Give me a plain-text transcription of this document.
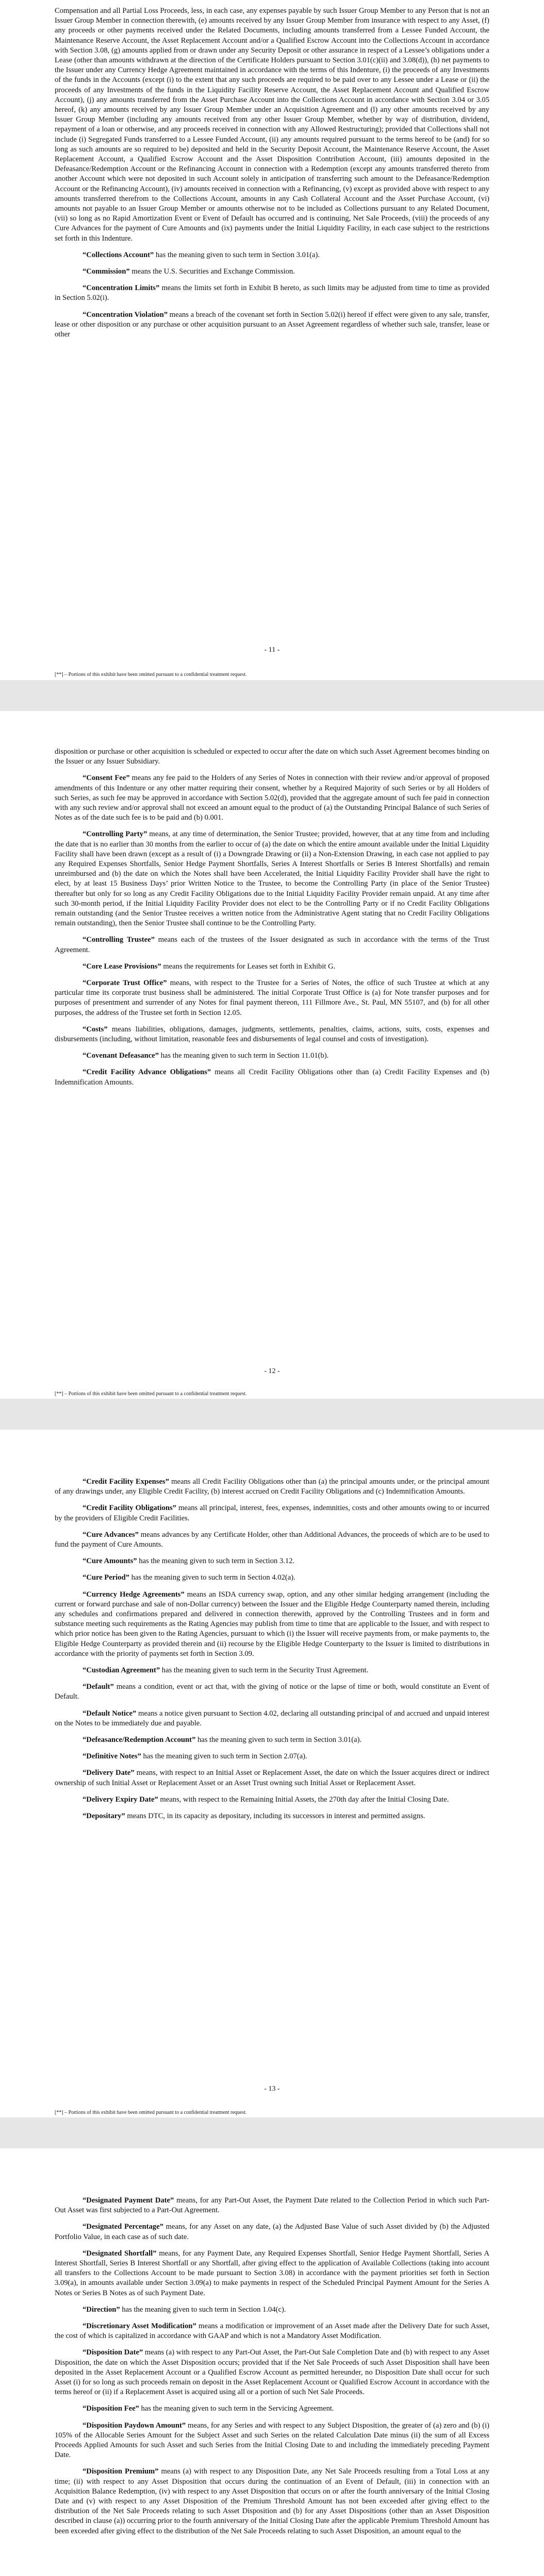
Compensation and all Partial Loss Proceeds, less, in each case, any expenses payable by such Issuer Group Member to any Person that is not an Issuer Group Member in connection therewith, (e) amounts received by any Issuer Group Member from insurance with respect to any Asset, (f) any proceeds or other payments received under the Related Documents, including amounts transferred from a Lessee Funded Account, the Maintenance Reserve Account, the Asset Replacement Account and/or a Qualified Escrow Account into the Collections Account in accordance with Section 3.08, (g) amounts applied from or drawn under any Security Deposit or other assurance in respect of a Lessee’s obligations under a Lease (other than amounts withdrawn at the direction of the Certificate Holders pursuant to Section 3.01(c)(ii) and 3.08(d)), (h) net payments to the Issuer under any Currency Hedge Agreement maintained in accordance with the terms of this Indenture, (i) the proceeds of any Investments of the funds in the Accounts (except (i) to the extent that any such proceeds are required to be paid over to any Lessee under a Lease or (ii) the proceeds of any Investments of the funds in the Liquidity Facility Reserve Account, the Asset Replacement Account and Qualified Escrow Account), (j) any amounts transferred from the Asset Purchase Account into the Collections Account in accordance with Section 3.04 or 3.05 hereof, (k) any amounts received by any Issuer Group Member under an Acquisition Agreement and (l) any other amounts received by any Issuer Group Member (including any amounts received from any other Issuer Group Member, whether by way of distribution, dividend, repayment of a loan or otherwise, and any proceeds received in connection with any Allowed Restructuring); provided that Collections shall not include (i) Segregated Funds transferred to a Lessee Funded Account, (ii) any amounts required pursuant to the terms hereof to be (and) for so long as such amounts are so required to be) deposited and held in the Security Deposit Account, the Maintenance Reserve Account, the Asset Replacement Account, a Qualified Escrow Account and the Asset Disposition Contribution Account, (iii) amounts deposited in the Defeasance/Redemption Account or the Refinancing Account in connection with a Redemption (except any amounts transferred thereto from another Account which were not deposited in such Account solely in anticipation of transferring such amount to the Defeasance/Redemption Account or the Refinancing Account), (iv) amounts received in connection with a Refinancing, (v) except as provided above with respect to any amounts transferred therefrom to the Collections Account, amounts in any Cash Collateral Account and the Asset Purchase Account, (vi) amounts not payable to an Issuer Group Member or amounts otherwise not to be included as Collections pursuant to any Related Document, (vii) so long as no Rapid Amortization Event or Event of Default has occurred and is continuing, Net Sale Proceeds, (viii) the proceeds of any Cure Advances for the payment of Cure Amounts and (ix) payments under the Initial Liquidity Facility, in each case subject to the restrictions set forth in this Indenture.

“Collections Account” has the meaning given to such term in Section 3.01(a).

“Commission” means the U.S. Securities and Exchange Commission.

“Concentration Limits” means the limits set forth in Exhibit B hereto, as such limits may be adjusted from time to time as provided in Section 5.02(i).

“Concentration Violation” means a breach of the covenant set forth in Section 5.02(i) hereof if effect were given to any sale, transfer, lease or other disposition or any purchase or other acquisition pursuant to an Asset Agreement regardless of whether such sale, transfer, lease or other

- 11 -
[**] – Portions of this exhibit have been omitted pursuant to a confidential treatment request.

disposition or purchase or other acquisition is scheduled or expected to occur after the date on which such Asset Agreement becomes binding on the Issuer or any Issuer Subsidiary.

“Consent Fee” means any fee paid to the Holders of any Series of Notes in connection with their review and/or approval of proposed amendments of this Indenture or any other matter requiring their consent, whether by a Required Majority of such Series or by all Holders of such Series, as such fee may be approved in accordance with Section 5.02(d), provided that the aggregate amount of such fee paid in connection with any such review and/or approval shall not exceed an amount equal to the product of (a) the Outstanding Principal Balance of such Series of Notes as of the date such fee is to be paid and (b) 0.001.

“Controlling Party” means, at any time of determination, the Senior Trustee; provided, however, that at any time from and including the date that is no earlier than 30 months from the earlier to occur of (a) the date on which the entire amount available under the Initial Liquidity Facility shall have been drawn (except as a result of (i) a Downgrade Drawing or (ii) a Non-Extension Drawing, in each case not applied to pay any Required Expenses Shortfalls, Senior Hedge Payment Shortfalls, Series A Interest Shortfalls or Series B Interest Shortfalls) and remain unreimbursed and (b) the date on which the Notes shall have been Accelerated, the Initial Liquidity Facility Provider shall have the right to elect, by at least 15 Business Days’ prior Written Notice to the Trustee, to become the Controlling Party (in place of the Senior Trustee) thereafter but only for so long as any Credit Facility Obligations due to the Initial Liquidity Facility Provider remain unpaid. At any time after such 30-month period, if the Initial Liquidity Facility Provider does not elect to be the Controlling Party or if no Credit Facility Obligations remain outstanding (and the Senior Trustee receives a written notice from the Administrative Agent stating that no Credit Facility Obligations remain outstanding), then the Senior Trustee shall continue to be the Controlling Party.

“Controlling Trustee” means each of the trustees of the Issuer designated as such in accordance with the terms of the Trust Agreement.

“Core Lease Provisions” means the requirements for Leases set forth in Exhibit G.

“Corporate Trust Office” means, with respect to the Trustee for a Series of Notes, the office of such Trustee at which at any particular time its corporate trust business shall be administered. The initial Corporate Trust Office is (a) for Note transfer purposes and for purposes of presentment and surrender of any Notes for final payment thereon, 111 Fillmore Ave., St. Paul, MN 55107, and (b) for all other purposes, the address of the Trustee set forth in Section 12.05.

“Costs” means liabilities, obligations, damages, judgments, settlements, penalties, claims, actions, suits, costs, expenses and disbursements (including, without limitation, reasonable fees and disbursements of legal counsel and costs of investigation).

“Covenant Defeasance” has the meaning given to such term in Section 11.01(b).

“Credit Facility Advance Obligations” means all Credit Facility Obligations other than (a) Credit Facility Expenses and (b) Indemnification Amounts.

- 12 -
[**] – Portions of this exhibit have been omitted pursuant to a confidential treatment request.

“Credit Facility Expenses” means all Credit Facility Obligations other than (a) the principal amounts under, or the principal amount of any drawings under, any Eligible Credit Facility, (b) interest accrued on Credit Facility Obligations and (c) Indemnification Amounts.

“Credit Facility Obligations” means all principal, interest, fees, expenses, indemnities, costs and other amounts owing to or incurred by the providers of Eligible Credit Facilities.

“Cure Advances” means advances by any Certificate Holder, other than Additional Advances, the proceeds of which are to be used to fund the payment of Cure Amounts.

“Cure Amounts” has the meaning given to such term in Section 3.12.

“Cure Period” has the meaning given to such term in Section 4.02(a).

“Currency Hedge Agreements” means an ISDA currency swap, option, and any other similar hedging arrangement (including the current or forward purchase and sale of non-Dollar currency) between the Issuer and the Eligible Hedge Counterparty named therein, including any schedules and confirmations prepared and delivered in connection therewith, approved by the Controlling Trustees and in form and substance meeting such requirements as the Rating Agencies may publish from time to time that are applicable to the Issuer, and with respect to which prior notice has been given to the Rating Agencies, pursuant to which (i) the Issuer will receive payments from, or make payments to, the Eligible Hedge Counterparty as provided therein and (ii) recourse by the Eligible Hedge Counterparty to the Issuer is limited to distributions in accordance with the priority of payments set forth in Section 3.09.

“Custodian Agreement” has the meaning given to such term in the Security Trust Agreement.

“Default” means a condition, event or act that, with the giving of notice or the lapse of time or both, would constitute an Event of Default.

“Default Notice” means a notice given pursuant to Section 4.02, declaring all outstanding principal of and accrued and unpaid interest on the Notes to be immediately due and payable.

“Defeasance/Redemption Account” has the meaning given to such term in Section 3.01(a).

“Definitive Notes” has the meaning given to such term in Section 2.07(a).

“Delivery Date” means, with respect to an Initial Asset or Replacement Asset, the date on which the Issuer acquires direct or indirect ownership of such Initial Asset or Replacement Asset or an Asset Trust owning such Initial Asset or Replacement Asset.

“Delivery Expiry Date” means, with respect to the Remaining Initial Assets, the 270th day after the Initial Closing Date.

“Depositary” means DTC, in its capacity as depositary, including its successors in interest and permitted assigns.

- 13 -
[**] – Portions of this exhibit have been omitted pursuant to a confidential treatment request.

“Designated Payment Date” means, for any Part-Out Asset, the Payment Date related to the Collection Period in which such Part-Out Asset was first subjected to a Part-Out Agreement.

“Designated Percentage” means, for any Asset on any date, (a) the Adjusted Base Value of such Asset divided by (b) the Adjusted Portfolio Value, in each case as of such date.

“Designated Shortfall” means, for any Payment Date, any Required Expenses Shortfall, Senior Hedge Payment Shortfall, Series A Interest Shortfall, Series B Interest Shortfall or any Shortfall, after giving effect to the application of Available Collections (taking into account all transfers to the Collections Account to be made pursuant to Section 3.08) in accordance with the payment priorities set forth in Section 3.09(a), in amounts available under Section 3.09(a) to make payments in respect of the Scheduled Principal Payment Amount for the Series A Notes or Series B Notes as of such Payment Date.

“Direction” has the meaning given to such term in Section 1.04(c).

“Discretionary Asset Modification” means a modification or improvement of an Asset made after the Delivery Date for such Asset, the cost of which is capitalized in accordance with GAAP and which is not a Mandatory Asset Modification.

“Disposition Date” means (a) with respect to any Part-Out Asset, the Part-Out Sale Completion Date and (b) with respect to any Asset Disposition, the date on which the Asset Disposition occurs; provided that if the Net Sale Proceeds of such Asset Disposition shall have been deposited in the Asset Replacement Account or a Qualified Escrow Account as permitted hereunder, no Disposition Date shall occur for such Asset (i) for so long as such proceeds remain on deposit in the Asset Replacement Account or Qualified Escrow Account in accordance with the terms hereof or (ii) if a Replacement Asset is acquired using all or a portion of such Net Sale Proceeds.

“Disposition Fee” has the meaning given to such term in the Servicing Agreement.

“Disposition Paydown Amount” means, for any Series and with respect to any Subject Disposition, the greater of (a) zero and (b) (i) 105% of the Allocable Series Amount for the Subject Asset and such Series on the related Calculation Date minus (ii) the sum of all Excess Proceeds Applied Amounts for such Asset and such Series from the Initial Closing Date to and including the immediately preceding Payment Date.

“Disposition Premium” means (a) with respect to any Disposition Date, any Net Sale Proceeds resulting from a Total Loss at any time; (ii) with respect to any Asset Disposition that occurs during the continuation of an Event of Default, (iii) in connection with an Acquisition Balance Redemption, (iv) with respect to any Asset Disposition that occurs on or after the fourth anniversary of the Initial Closing Date and (v) with respect to any Asset Disposition of the Premium Threshold Amount has not been exceeded after giving effect to the distribution of the Net Sale Proceeds relating to such Asset Disposition and (b) for any Asset Dispositions (other than an Asset Disposition described in clause (a)) occurring prior to the fourth anniversary of the Initial Closing Date after the applicable Premium Threshold Amount has been exceeded after giving effect to the distribution of the Net Sale Proceeds relating to such Asset Disposition, an amount equal to the
